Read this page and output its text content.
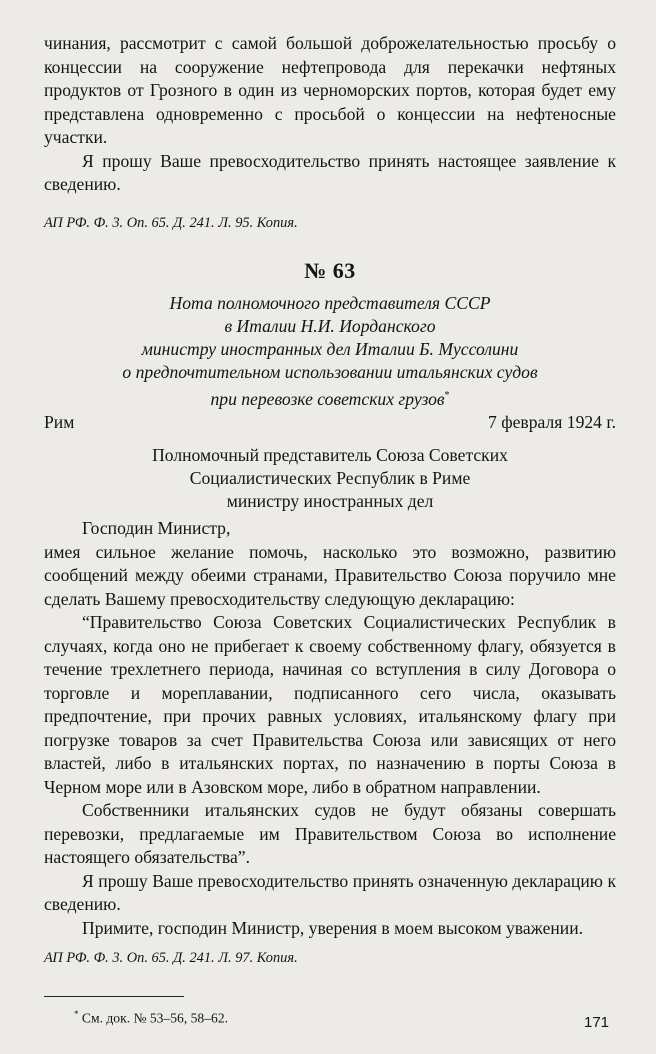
чинания, рассмотрит с самой большой доброжелательностью просьбу о концессии на сооружение нефтепровода для перекачки нефтяных продуктов от Грозного в один из черноморских портов, которая будет ему представлена одновременно с просьбой о концессии на нефтеносные участки.

Я прошу Ваше превосходительство принять настоящее заявление к сведению.

АП РФ. Ф. 3. Оп. 65. Д. 241. Л. 95. Копия.

№ 63

Нота полномочного представителя СССР
в Италии Н.И. Иорданского
министру иностранных дел Италии Б. Муссолини
о предпочтительном использовании итальянских судов
при перевозке советских грузов*

Рим	7 февраля 1924 г.

Полномочный представитель Союза Советских
Социалистических Республик в Риме
министру иностранных дел

Господин Министр,

имея сильное желание помочь, насколько это возможно, развитию сообщений между обеими странами, Правительство Союза поручило мне сделать Вашему превосходительству следующую декларацию:

“Правительство Союза Советских Социалистических Республик в случаях, когда оно не прибегает к своему собственному флагу, обязуется в течение трехлетнего периода, начиная со вступления в силу Договора о торговле и мореплавании, подписанного сего числа, оказывать предпочтение, при прочих равных условиях, итальянскому флагу при погрузке товаров за счет Правительства Союза или зависящих от него властей, либо в итальянских портах, по назначению в порты Союза в Черном море или в Азовском море, либо в обратном направлении.

Собственники итальянских судов не будут обязаны совершать перевозки, предлагаемые им Правительством Союза во исполнение настоящего обязательства”.

Я прошу Ваше превосходительство принять означенную декларацию к сведению.

Примите, господин Министр, уверения в моем высоком уважении.

АП РФ. Ф. 3. Оп. 65. Д. 241. Л. 97. Копия.

* См. док. № 53–56, 58–62.	171
